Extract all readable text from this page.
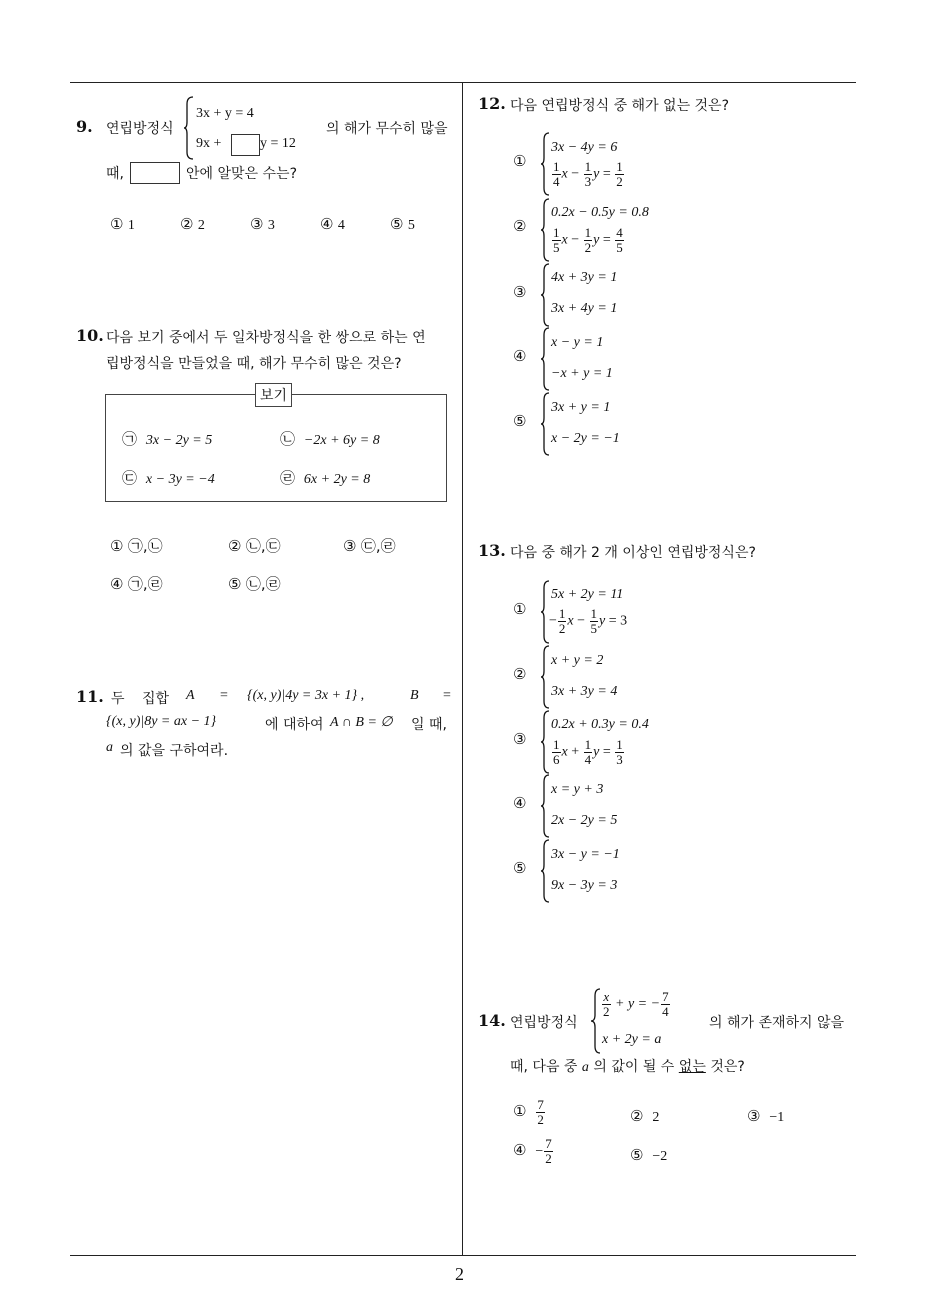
2
9. 연립방정식
3x + y = 4
9x +	y = 12
의 해가 무수히 많을
때,	안에 알맞은 수는?
① 1	② 2	③ 3	④ 4	⑤ 5
10. 다음 보기 중에서 두 일차방정식을 한 쌍으로 하는 연
립방정식을 만들었을 때, 해가 무수히 많은 것은?
보기
㉠ 3x − 2y = 5	㉡ −2x + 6y = 8
㉢ x − 3y = −4	㉣ 6x + 2y = 8
① ㉠,㉡	② ㉡,㉢	③ ㉢,㉣
④ ㉠,㉣	⑤ ㉡,㉣
11. 두 집합 A = {(x, y)|4y = 3x + 1} ,	B =
{(x, y)|8y = ax − 1}	에 대하여 A ∩ B = ∅ 일 때,
a 의 값을 구하여라.
12. 다음 연립방정식 중 해가 없는 것은?
①
3x − 4y = 6
$\frac{1}{4}$ $x - \frac{1}{3}$ $y = \frac{1}{2}$
②
0.2x − 0.5y = 0.8
$\frac{1}{5}$ $x - \frac{1}{2}$ $y = \frac{4}{5}$
③
4x + 3y = 1
3x + 4y = 1
④
x − y = 1
−x + y = 1
⑤
3x + y = 1
x − 2y = −1
13. 다음 중 해가 2 개 이상인 연립방정식은?
①
5x + 2y = 11
− $\frac{1}{2}$ $x - \frac{1}{5}$ y = 3
②
x + y = 2
3x + 3y = 4
③
0.2x + 0.3y = 0.4
$\frac{1}{6}$ $x + \frac{1}{4}$ $y = \frac{1}{3}$
④
x = y + 3
2x − 2y = 5
⑤
3x − y = −1
9x − 3y = 3
14. 연립방정식
$\frac{x}{2} + y$ = − $\frac{7}{4}$
x + 2y = a
의 해가 존재하지 않을
때, 다음 중 a 의 값이 될 수 없는 것은?
① $\frac{7}{2}$	② 2	③ −1
④ − $\frac{7}{2}$	⑤ −2
